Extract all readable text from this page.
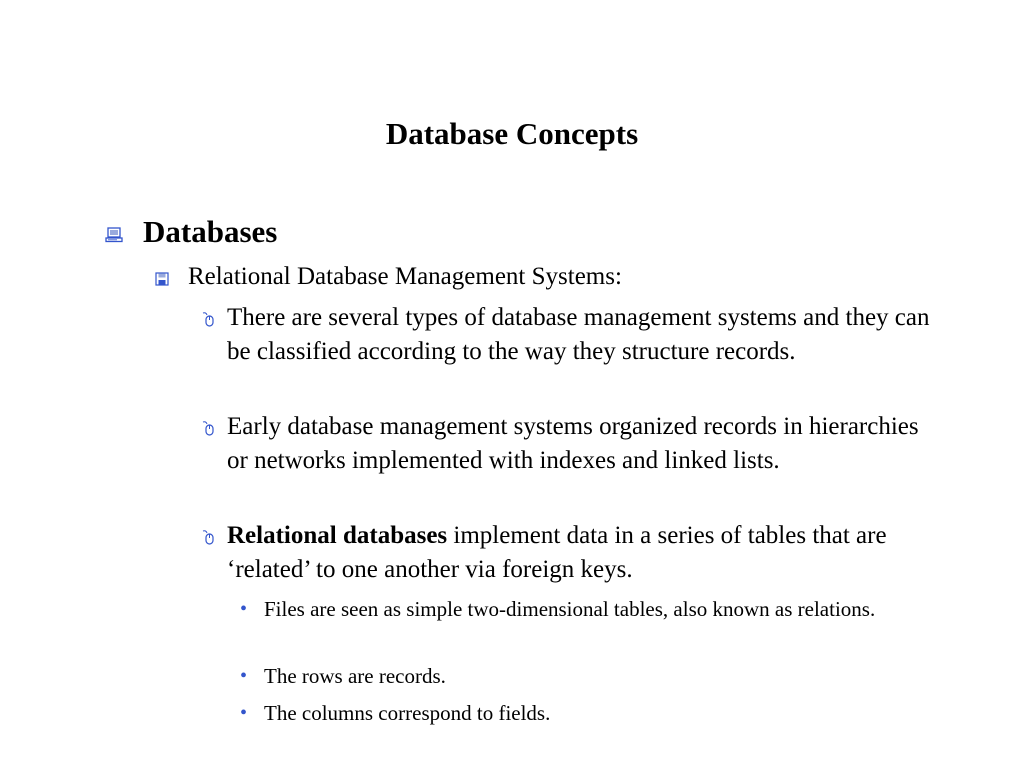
Database Concepts
Databases
Relational Database Management Systems:
There are several types of database management systems and they can be classified according to the way they structure records.
Early database management systems organized records in hierarchies or networks implemented with indexes and linked lists.
Relational databases implement data in a series of tables that are ‘related’ to one another via foreign keys.
• Files are seen as simple two-dimensional tables, also known as relations.
• The rows are records.
• The columns correspond to fields.
